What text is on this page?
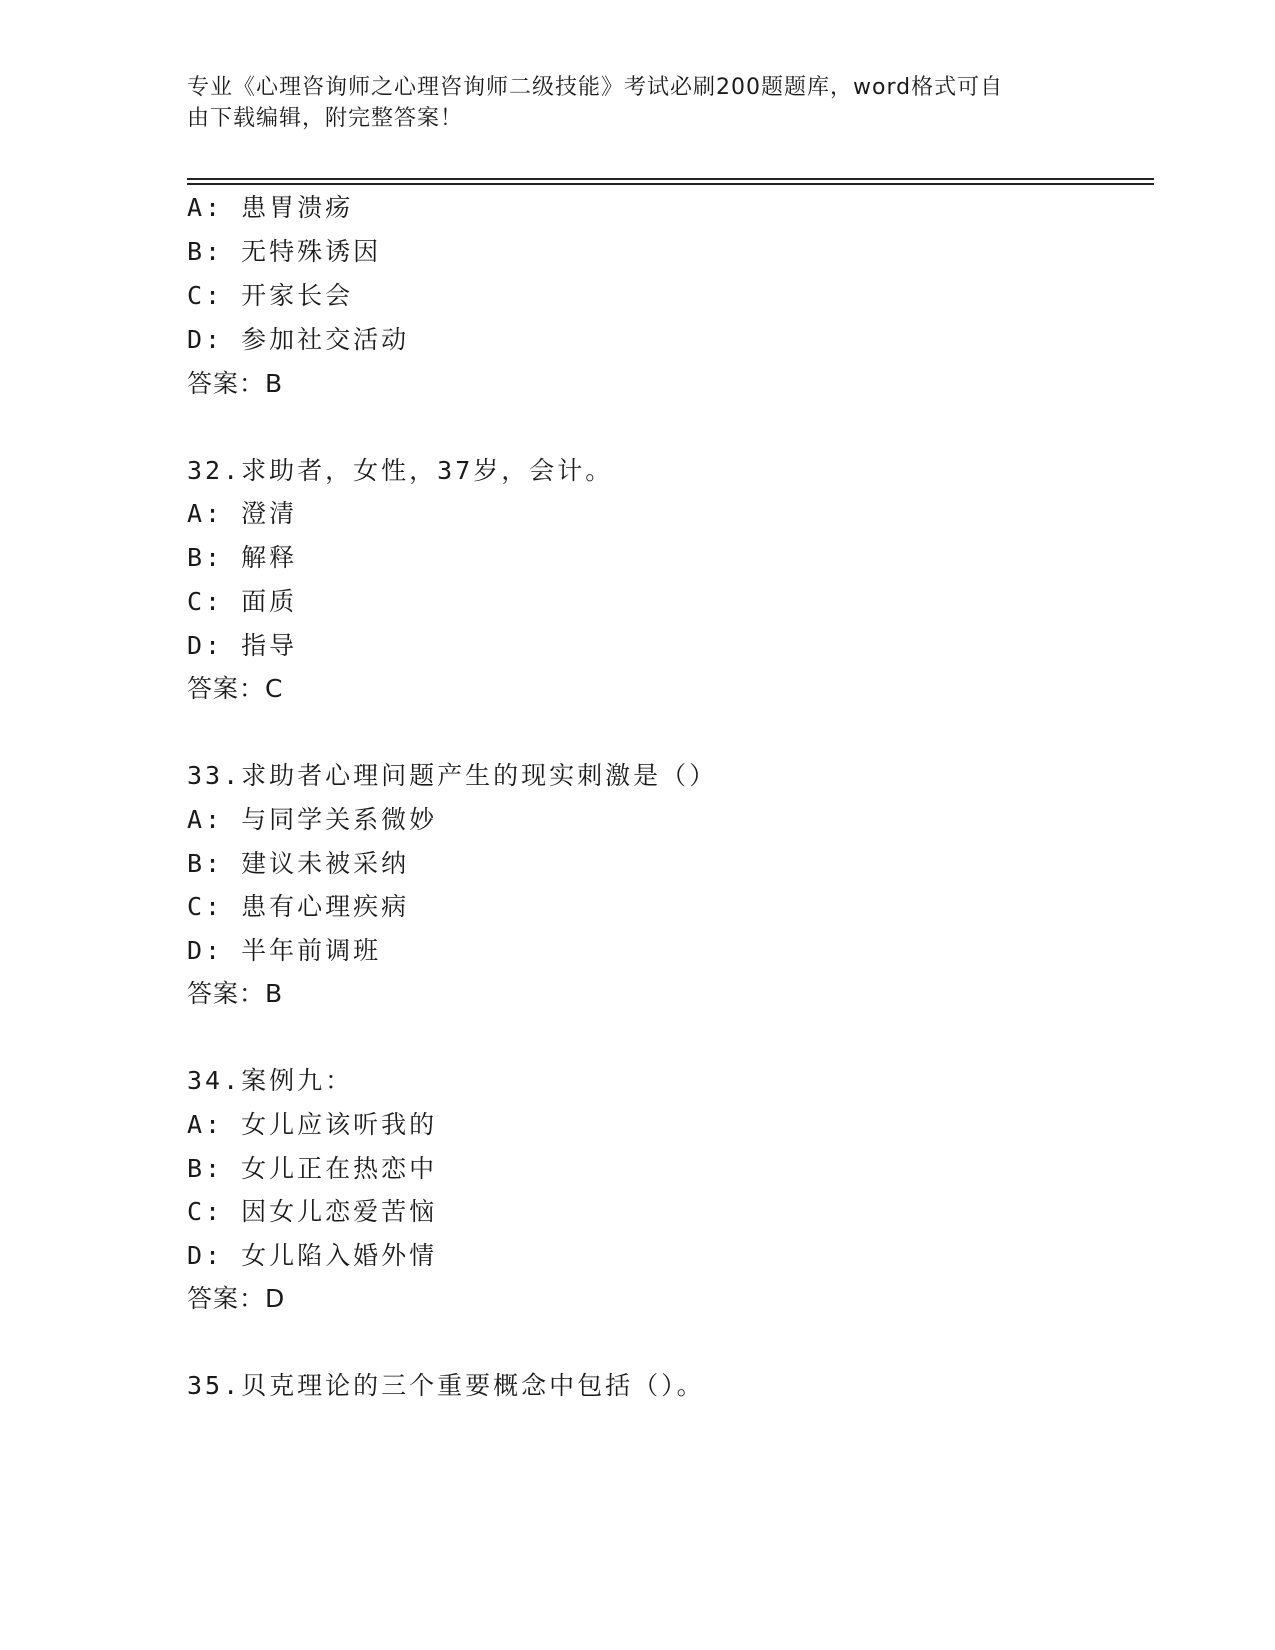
专业《心理咨询师之心理咨询师二级技能》考试必刷200题题库，word格式可自
由下载编辑，附完整答案！
A: 患胃溃疡
B: 无特殊诱因
C: 开家长会
D: 参加社交活动
答案：B
32.求助者，女性，37岁，会计。
A: 澄清
B: 解释
C: 面质
D: 指导
答案：C
33.求助者心理问题产生的现实刺激是（）
A: 与同学关系微妙
B: 建议未被采纳
C: 患有心理疾病
D: 半年前调班
答案：B
34.案例九：
A: 女儿应该听我的
B: 女儿正在热恋中
C: 因女儿恋爱苦恼
D: 女儿陷入婚外情
答案：D
35.贝克理论的三个重要概念中包括（）。
